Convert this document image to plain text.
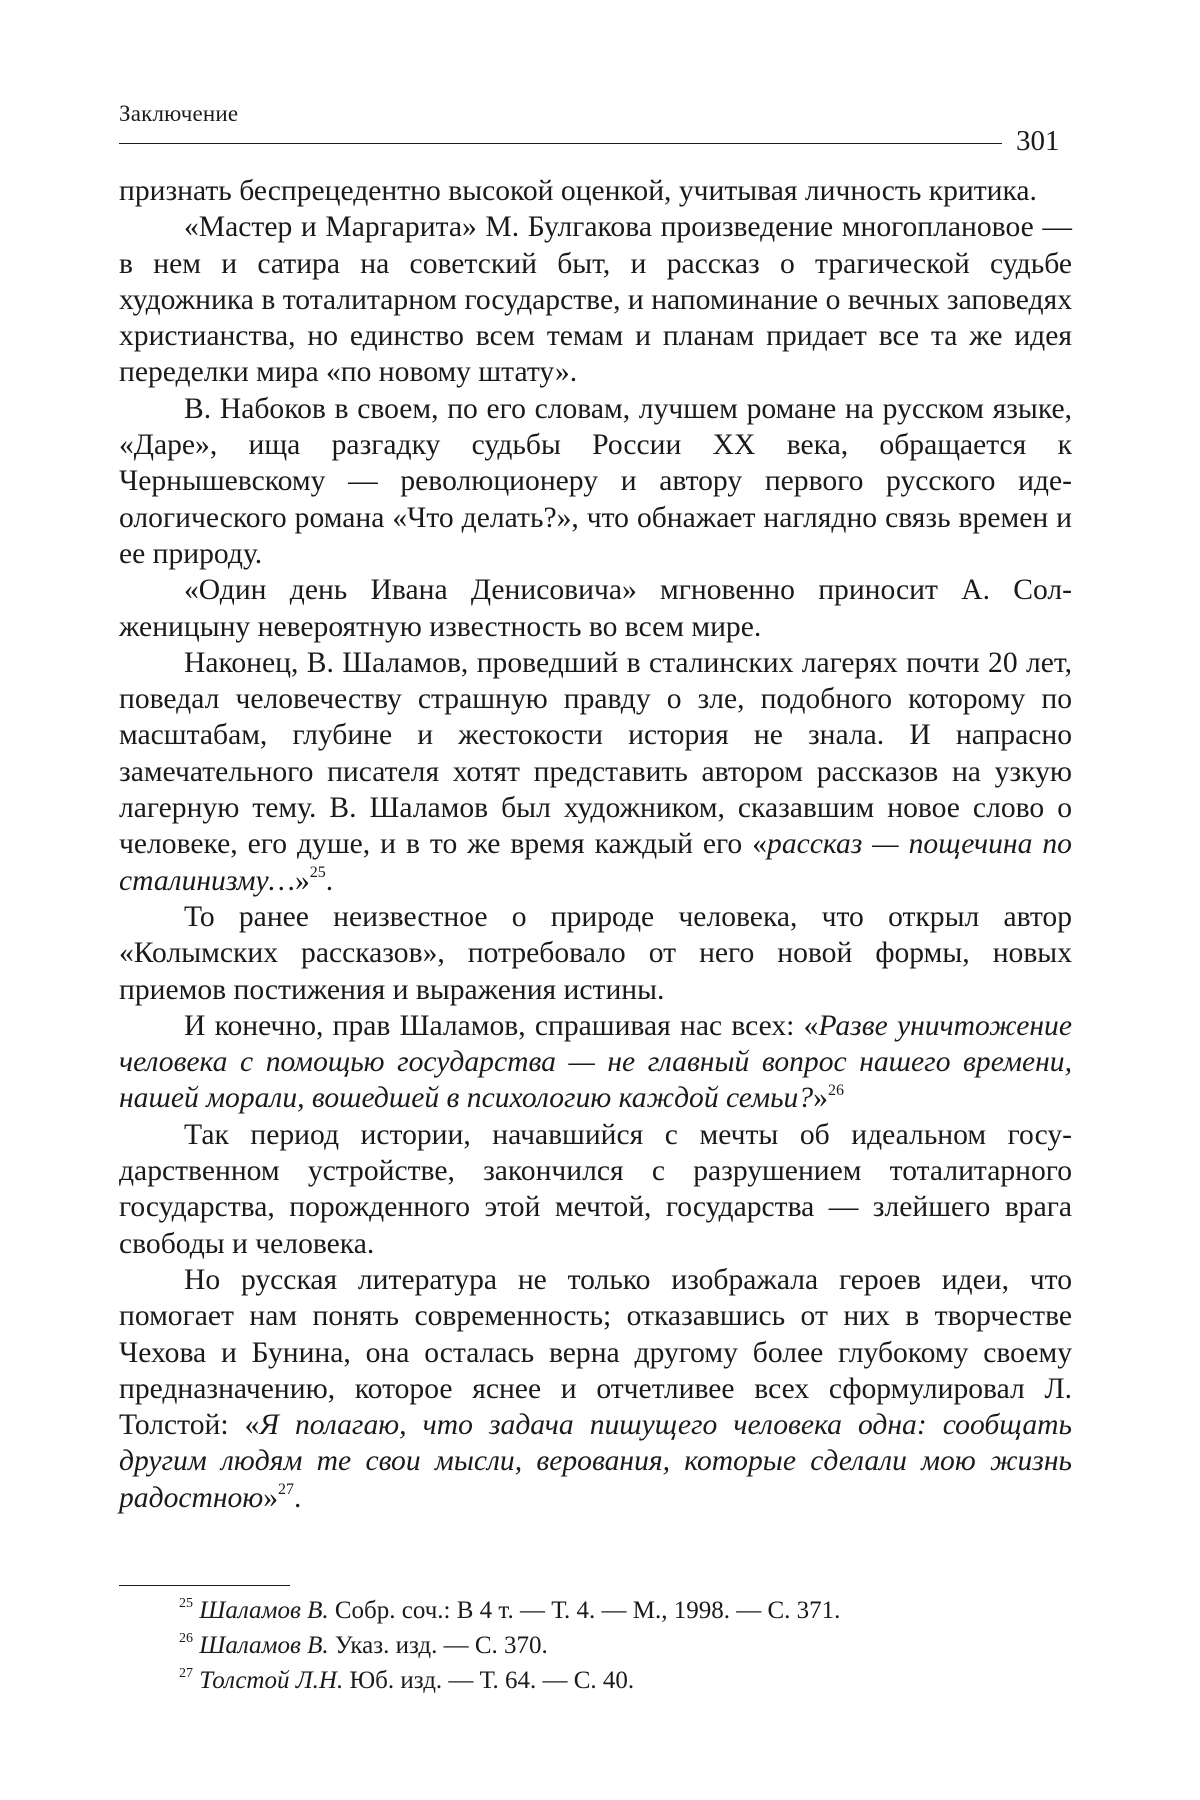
Заключение
301

признать беспрецедентно высокой оценкой, учитывая личность критика.

«Мастер и Маргарита» М. Булгакова произведение многоплановое — в нем и сатира на советский быт, и рассказ о трагической судьбе художника в тоталитарном государстве, и напоминание о вечных заповедях христианства, но единство всем темам и планам придает все та же идея переделки мира «по новому штату».

В. Набоков в своем, по его словам, лучшем романе на русском языке, «Даре», ища разгадку судьбы России XX века, обращается к Чернышевскому — революционеру и автору первого русского идеологического романа «Что делать?», что обнажает наглядно связь времен и ее природу.

«Один день Ивана Денисовича» мгновенно приносит А. Солженицыну невероятную известность во всем мире.

Наконец, В. Шаламов, проведший в сталинских лагерях почти 20 лет, поведал человечеству страшную правду о зле, подобного которому по масштабам, глубине и жестокости история не знала. И напрасно замечательного писателя хотят представить автором рассказов на узкую лагерную тему. В. Шаламов был художником, сказавшим новое слово о человеке, его душе, и в то же время каждый его «рассказ — пощечина по сталинизму…»$^{25}$.

То ранее неизвестное о природе человека, что открыл автор «Колымских рассказов», потребовало от него новой формы, новых приемов постижения и выражения истины.

И конечно, прав Шаламов, спрашивая нас всех: «Разве уничтожение человека с помощью государства — не главный вопрос нашего времени, нашей морали, вошедшей в психологию каждой семьи?»$^{26}$

Так период истории, начавшийся с мечты об идеальном государственном устройстве, закончился с разрушением тоталитарного государства, порожденного этой мечтой, государства — злейшего врага свободы и человека.

Но русская литература не только изображала героев идеи, что помогает нам понять современность; отказавшись от них в творчестве Чехова и Бунина, она осталась верна другому более глубокому своему предназначению, которое яснее и отчетливее всех сформулировал Л. Толстой: «Я полагаю, что задача пишущего человека одна: сообщать другим людям те свои мысли, верования, которые сделали мою жизнь радостною»$^{27}$.

$^{25}$ Шаламов В. Собр. соч.: В 4 т. — Т. 4. — М., 1998. — С. 371.
$^{26}$ Шаламов В. Указ. изд. — С. 370.
$^{27}$ Толстой Л.Н. Юб. изд. — Т. 64. — С. 40.
